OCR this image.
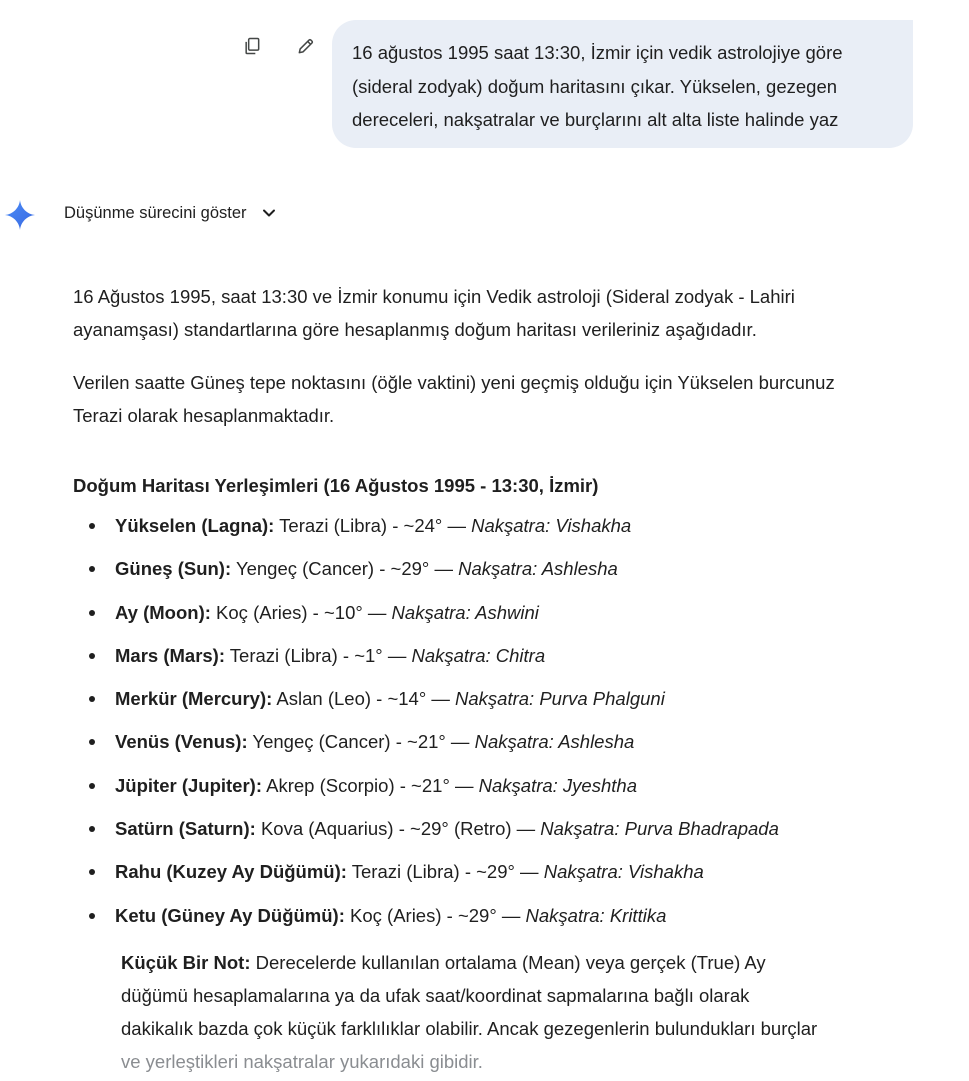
16 ağustos 1995 saat 13:30, İzmir için vedik astrolojiye göre
(sideral zodyak) doğum haritasını çıkar. Yükselen, gezegen
dereceleri, nakşatralar ve burçlarını alt alta liste halinde yaz
Düşünme sürecini göster

16 Ağustos 1995, saat 13:30 ve İzmir konumu için Vedik astroloji (Sideral zodyak - Lahiri
ayanamşası) standartlarına göre hesaplanmış doğum haritası verileriniz aşağıdadır.

Verilen saatte Güneş tepe noktasını (öğle vaktini) yeni geçmiş olduğu için Yükselen burcunuz
Terazi olarak hesaplanmaktadır.

Doğum Haritası Yerleşimleri (16 Ağustos 1995 - 13:30, İzmir)
Yükselen (Lagna): Terazi (Libra) - ~24° — Nakşatra: Vishakha
Güneş (Sun): Yengeç (Cancer) - ~29° — Nakşatra: Ashlesha
Ay (Moon): Koç (Aries) - ~10° — Nakşatra: Ashwini
Mars (Mars): Terazi (Libra) - ~1° — Nakşatra: Chitra
Merkür (Mercury): Aslan (Leo) - ~14° — Nakşatra: Purva Phalguni
Venüs (Venus): Yengeç (Cancer) - ~21° — Nakşatra: Ashlesha
Jüpiter (Jupiter): Akrep (Scorpio) - ~21° — Nakşatra: Jyeshtha
Satürn (Saturn): Kova (Aquarius) - ~29° (Retro) — Nakşatra: Purva Bhadrapada
Rahu (Kuzey Ay Düğümü): Terazi (Libra) - ~29° — Nakşatra: Vishakha
Ketu (Güney Ay Düğümü): Koç (Aries) - ~29° — Nakşatra: Krittika
Küçük Bir Not: Derecelerde kullanılan ortalama (Mean) veya gerçek (True) Ay
düğümü hesaplamalarına ya da ufak saat/koordinat sapmalarına bağlı olarak
dakikalık bazda çok küçük farklılıklar olabilir. Ancak gezegenlerin bulundukları burçlar
ve yerleştikleri nakşatralar yukarıdaki gibidir.
